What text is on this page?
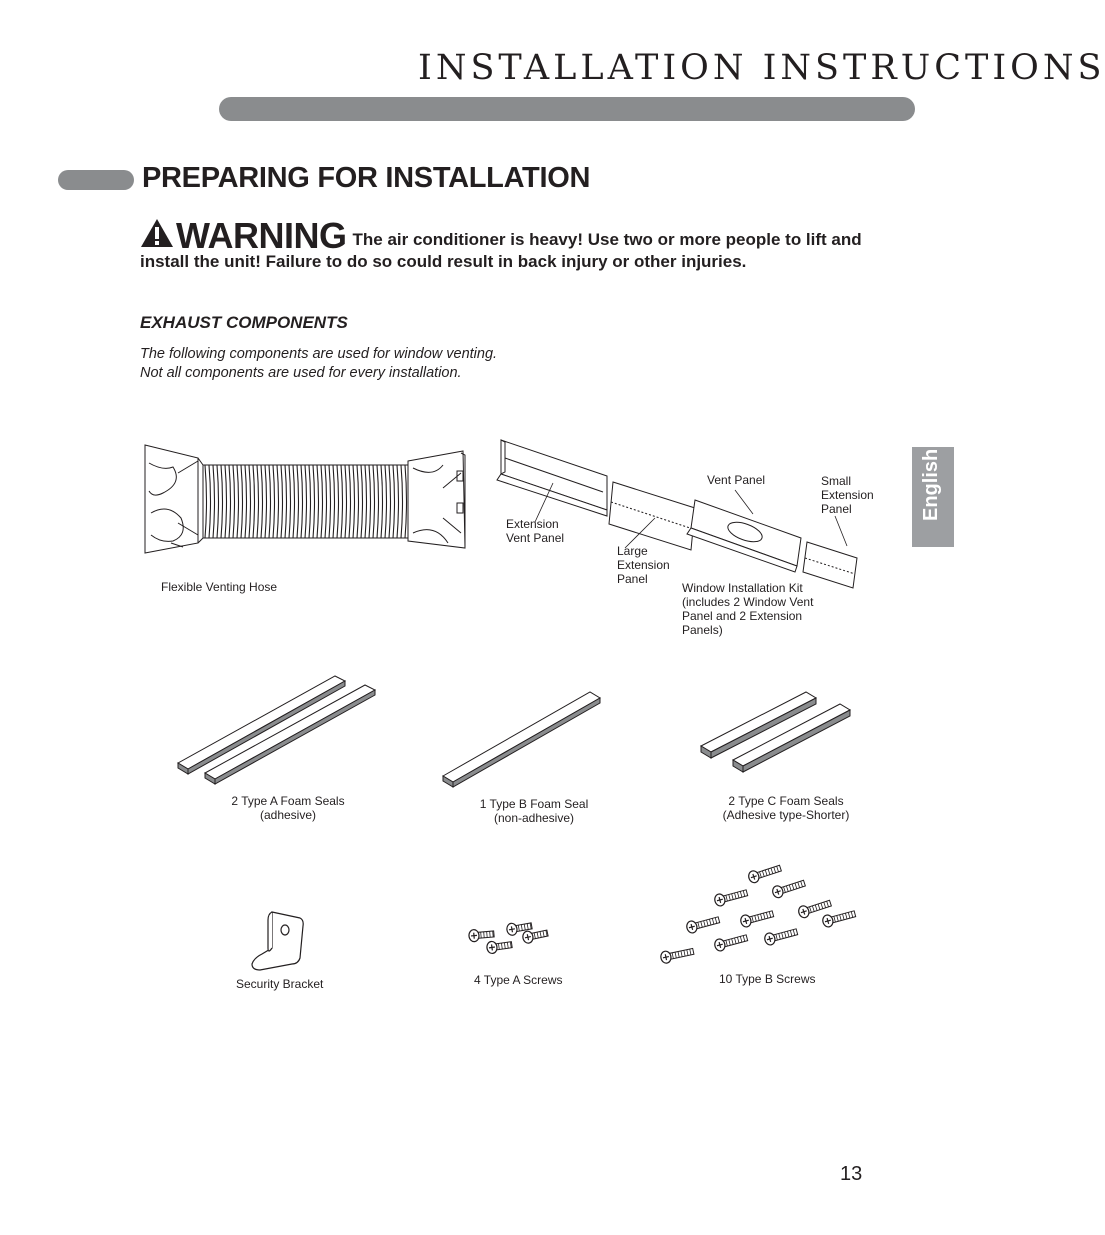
INSTALLATION INSTRUCTIONS
PREPARING FOR INSTALLATION
WARNING The air conditioner is heavy! Use two or more people to lift and install the unit! Failure to do so could result in back injury or other injuries.
EXHAUST COMPONENTS
The following components are used for window venting.
Not all components are used for every installation.
Flexible Venting Hose
Extension
Vent Panel
Large
Extension
Panel
Vent Panel	Small
Extension
Panel
Window Installation Kit
(includes 2 Window Vent
Panel and 2 Extension
Panels)
2 Type A Foam Seals
(adhesive)
1 Type B Foam Seal
(non-adhesive)
2 Type C Foam Seals
(Adhesive type-Shorter)
Security Bracket	4 Type A Screws	10 Type B Screws
English
13
